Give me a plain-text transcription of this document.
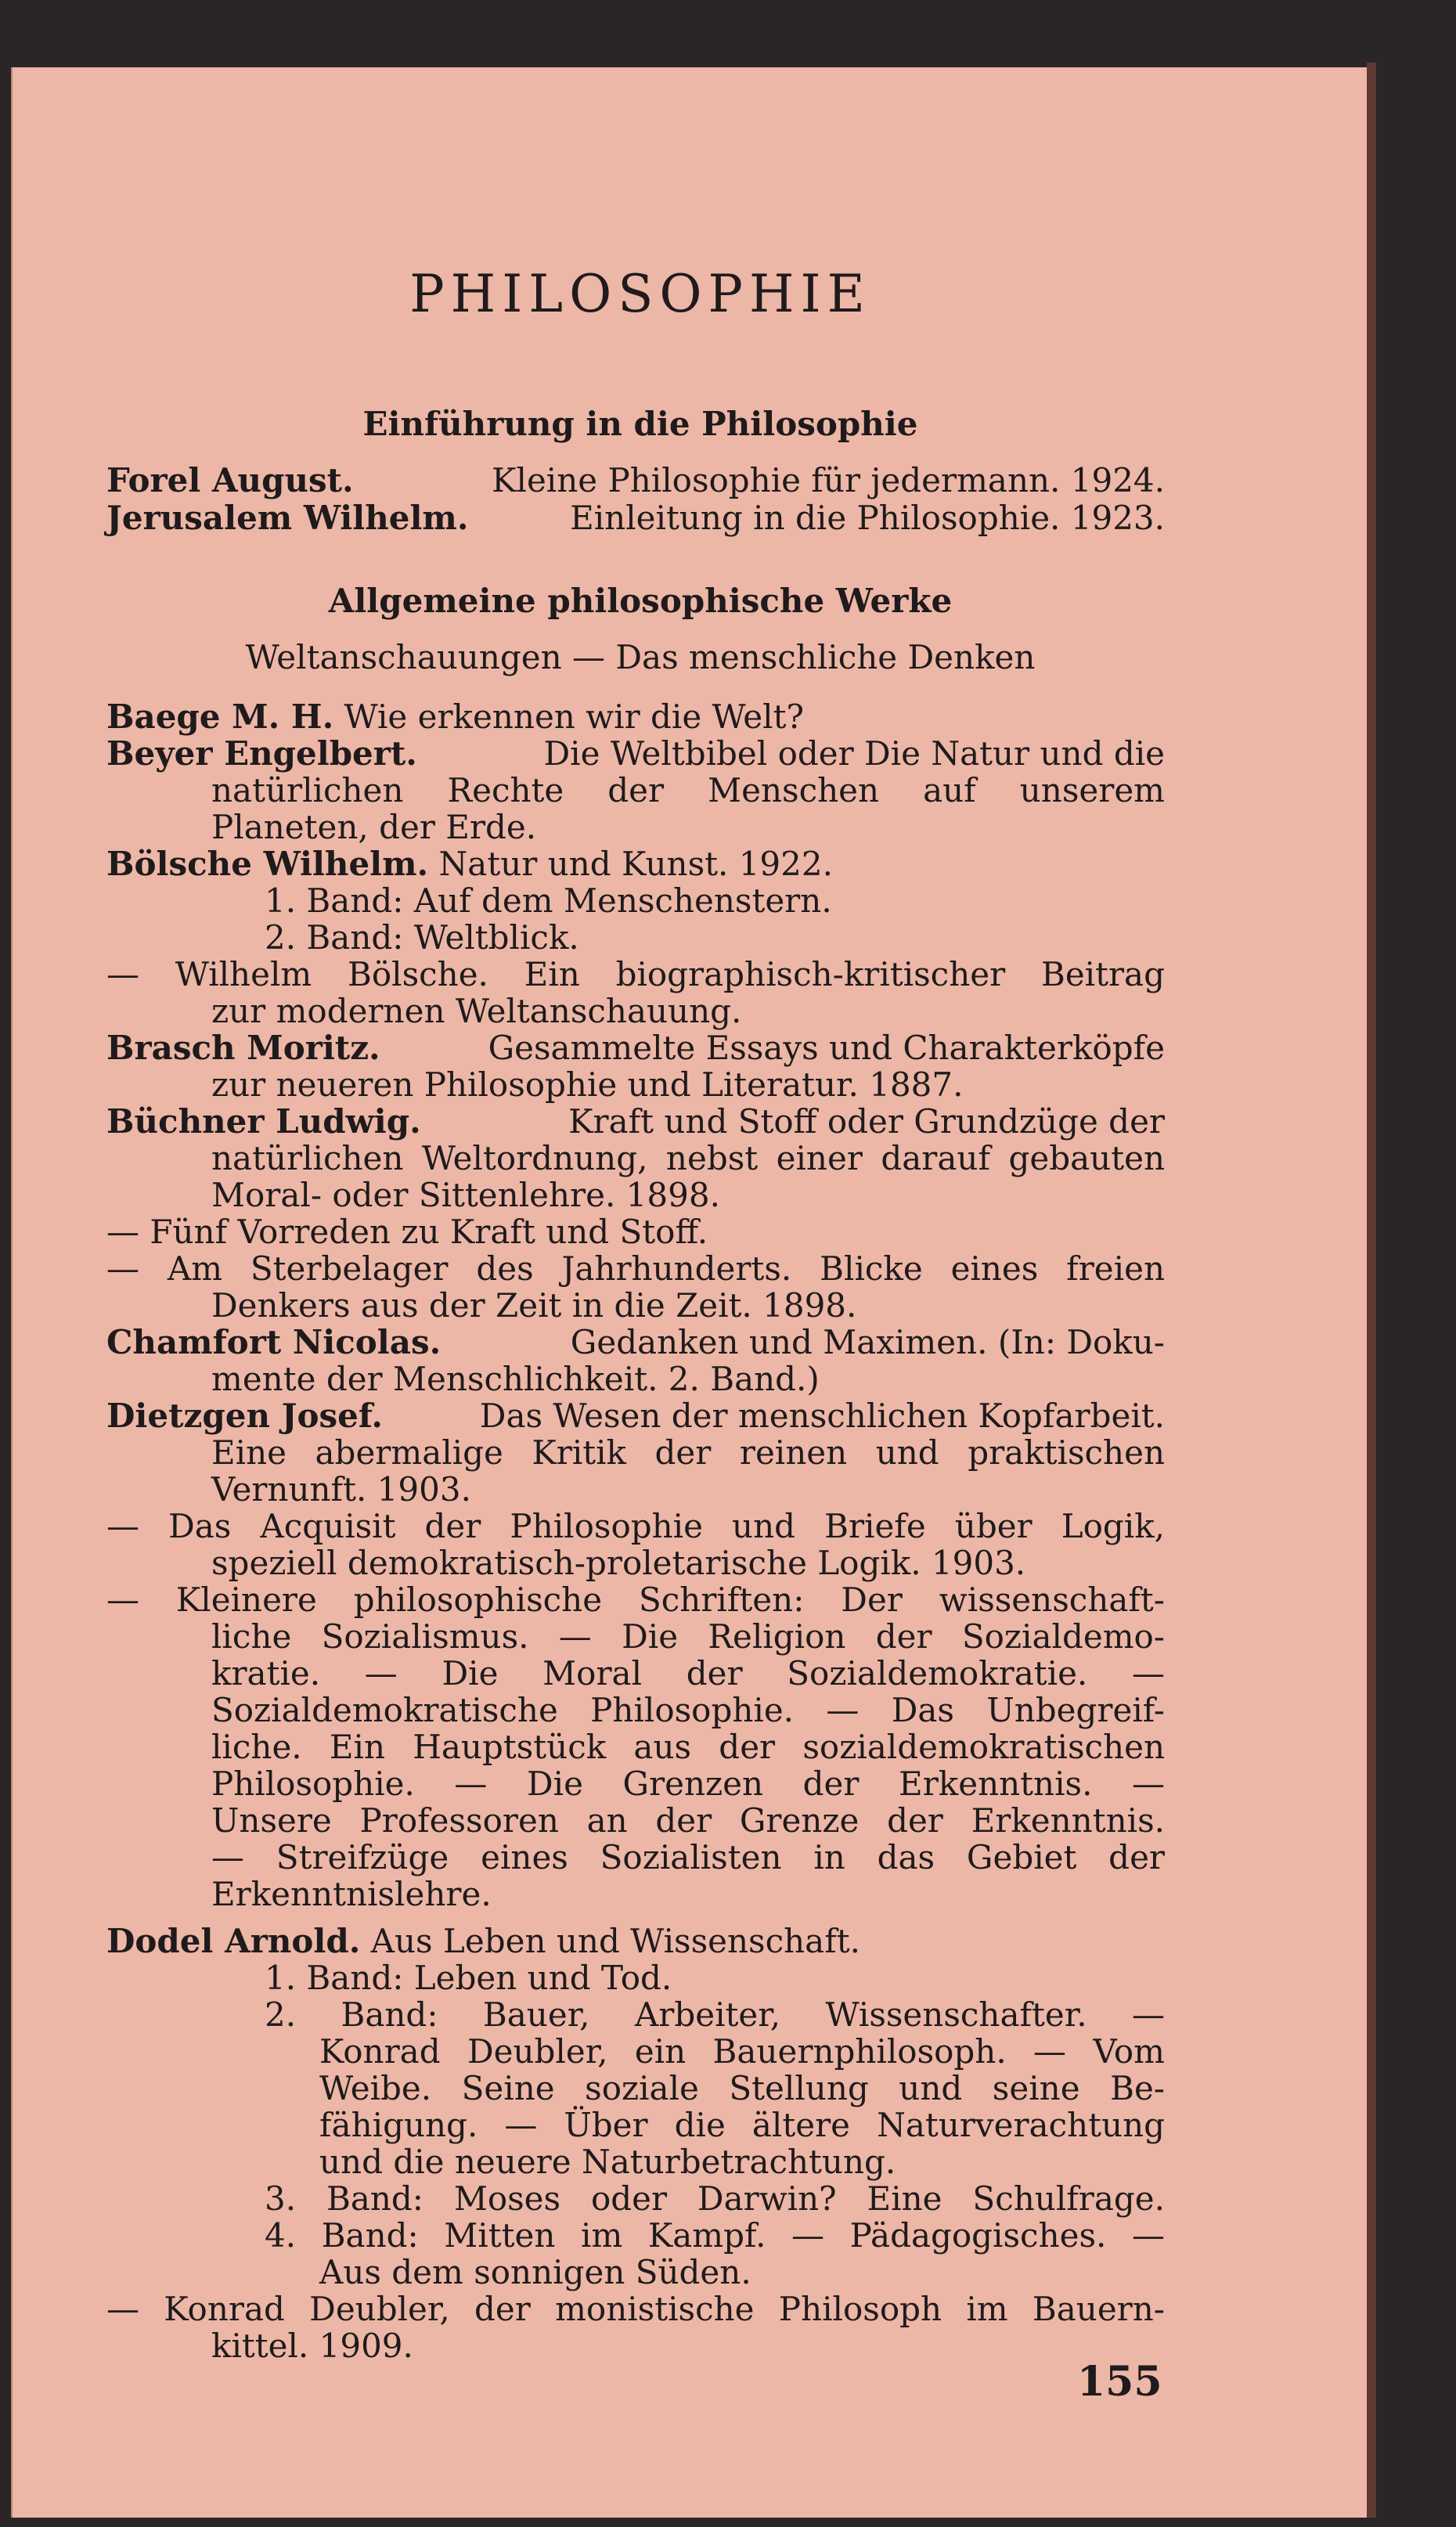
PHILOSOPHIE
Einführung in die Philosophie
Forel August.	Kleine Philosophie für jedermann. 1924.
Jerusalem Wilhelm.	Einleitung in die Philosophie. 1923.
Allgemeine philosophische Werke
Weltanschauungen — Das menschliche Denken
Baege M. H. Wie erkennen wir die Welt?
Beyer Engelbert.	Die Weltbibel oder Die Natur und die
natürlichen Rechte der Menschen auf unserem
Planeten, der Erde.
Bölsche Wilhelm. Natur und Kunst. 1922.
1. Band: Auf dem Menschenstern.
2. Band: Weltblick.
— Wilhelm Bölsche. Ein biographisch-kritischer Beitrag
zur modernen Weltanschauung.
Brasch Moritz.	Gesammelte Essays und Charakterköpfe
zur neueren Philosophie und Literatur. 1887.
Büchner Ludwig.	Kraft und Stoff oder Grundzüge der
natürlichen Weltordnung, nebst einer darauf gebauten
Moral- oder Sittenlehre. 1898.
— Fünf Vorreden zu Kraft und Stoff.
— Am Sterbelager des Jahrhunderts. Blicke eines freien
Denkers aus der Zeit in die Zeit. 1898.
Chamfort Nicolas.	Gedanken und Maximen. (In: Doku-
mente der Menschlichkeit. 2. Band.)
Dietzgen Josef.	Das Wesen der menschlichen Kopfarbeit.
Eine abermalige Kritik der reinen und praktischen
Vernunft. 1903.
— Das Acquisit der Philosophie und Briefe über Logik,
speziell demokratisch-proletarische Logik. 1903.
— Kleinere philosophische Schriften: Der wissenschaft-
liche Sozialismus. — Die Religion der Sozialdemo-
kratie. — Die Moral der Sozialdemokratie. —
Sozialdemokratische Philosophie. — Das Unbegreif-
liche. Ein Hauptstück aus der sozialdemokratischen
Philosophie. — Die Grenzen der Erkenntnis. —
Unsere Professoren an der Grenze der Erkenntnis.
— Streifzüge eines Sozialisten in das Gebiet der
Erkenntnislehre.
Dodel Arnold. Aus Leben und Wissenschaft.
1. Band: Leben und Tod.
2. Band: Bauer, Arbeiter, Wissenschafter. —
Konrad Deubler, ein Bauernphilosoph. — Vom
Weibe. Seine soziale Stellung und seine Be-
fähigung. — Über die ältere Naturverachtung
und die neuere Naturbetrachtung.
3. Band: Moses oder Darwin? Eine Schulfrage.
4. Band: Mitten im Kampf. — Pädagogisches. —
Aus dem sonnigen Süden.
— Konrad Deubler, der monistische Philosoph im Bauern-
kittel. 1909.
155
